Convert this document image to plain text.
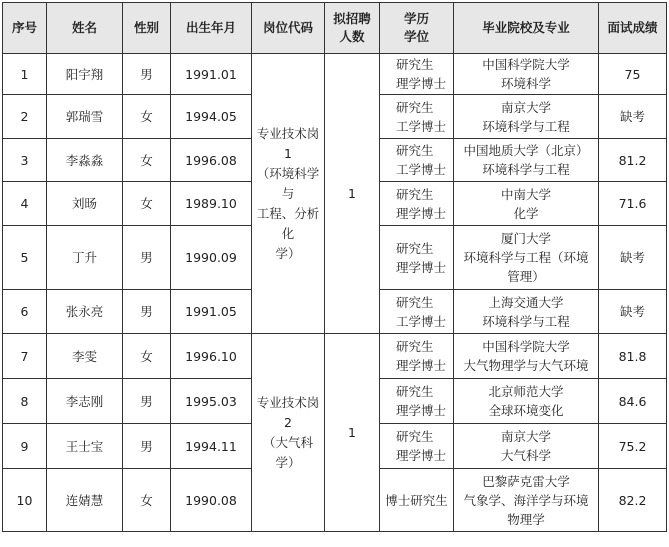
序号	姓名	性别	出生年月	岗位代码	拟招聘
人数	学历
学位	毕业院校及专业	面试成绩
1	阳宇翔	男	1991.01	专业技术岗 1
（环境科学与
工程、分析化
学）	1	研究生
理学博士	中国科学院大学
环境科学	75
2	郭瑞雪	女	1994.05			研究生
工学博士	南京大学
环境科学与工程	缺考
3	李淼淼	女	1996.08			研究生
工学博士	中国地质大学（北京）
环境科学与工程	81.2
4	刘旸	女	1989.10			研究生
理学博士	中南大学
化学	71.6
5	丁升	男	1990.09			研究生
理学博士	厦门大学
环境科学与工程（环境
管理）	缺考
6	张永亮	男	1991.05			研究生
工学博士	上海交通大学
环境科学与工程	缺考
7	李雯	女	1996.10	专业技术岗 2
（大气科学）	1	研究生
理学博士	中国科学院大学
大气物理学与大气环境	81.8
8	李志刚	男	1995.03			研究生
理学博士	北京师范大学
全球环境变化	84.6
9	王士宝	男	1994.11			研究生
理学博士	南京大学
大气科学	75.2
10	连婧慧	女	1990.08			博士研究生	巴黎萨克雷大学
气象学、海洋学与环境
物理学	82.2
